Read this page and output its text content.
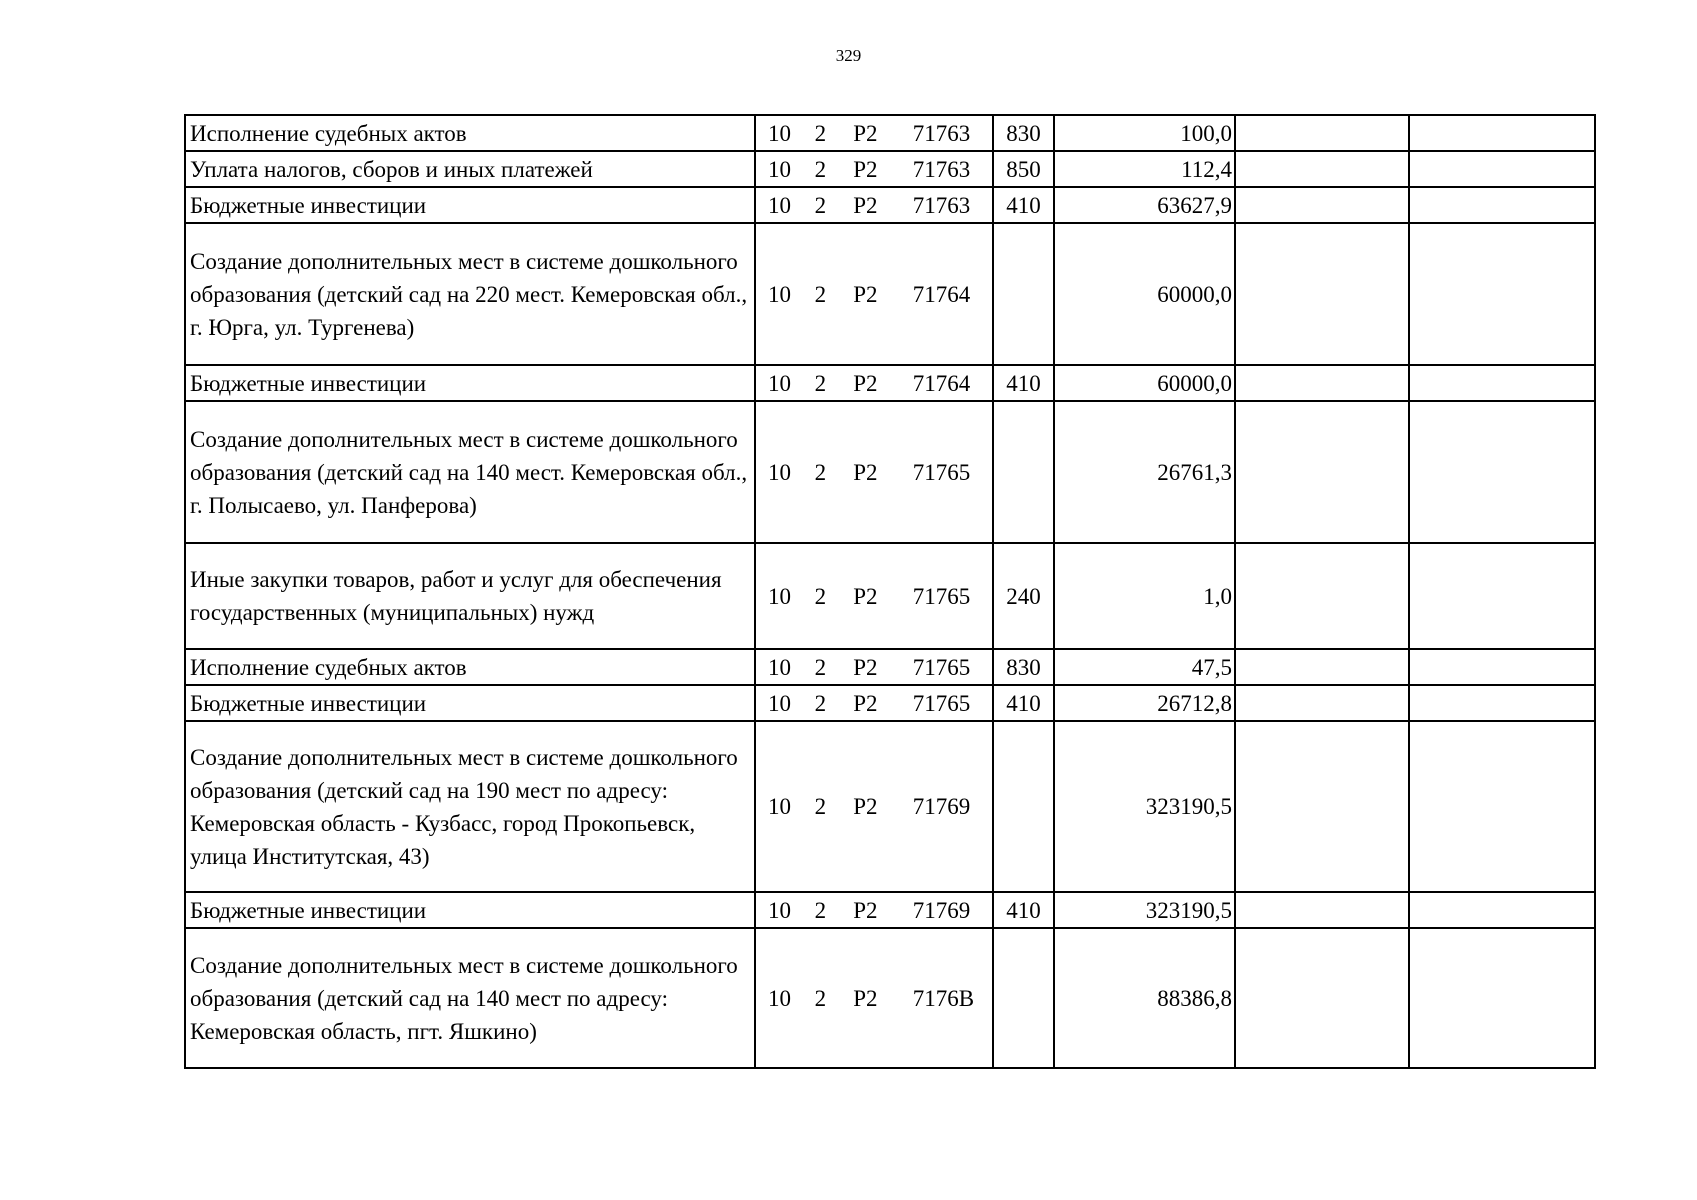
329
Исполнение судебных актов	10 2 Р2 71763	830	100,0		
Уплата налогов, сборов и иных платежей	10 2 Р2 71763	850	112,4		
Бюджетные инвестиции	10 2 Р2 71763	410	63627,9		
Создание дополнительных мест в системе дошкольного образования (детский сад на 220 мест. Кемеровская обл., г. Юрга, ул. Тургенева)	10 2 Р2 71764		60000,0		
Бюджетные инвестиции	10 2 Р2 71764	410	60000,0		
Создание дополнительных мест в системе дошкольного образования (детский сад на 140 мест. Кемеровская обл., г. Полысаево, ул. Панферова)	10 2 Р2 71765		26761,3		
Иные закупки товаров, работ и услуг для обеспечения государственных (муниципальных) нужд	10 2 Р2 71765	240	1,0		
Исполнение судебных актов	10 2 Р2 71765	830	47,5		
Бюджетные инвестиции	10 2 Р2 71765	410	26712,8		
Создание дополнительных мест в системе дошкольного образования (детский сад на 190 мест по адресу: Кемеровская область - Кузбасс, город Прокопьевск, улица Институтская, 43)	10 2 Р2 71769		323190,5		
Бюджетные инвестиции	10 2 Р2 71769	410	323190,5		
Создание дополнительных мест в системе дошкольного образования (детский сад на 140 мест по адресу: Кемеровская область, пгт. Яшкино)	10 2 Р2 7176В		88386,8		
